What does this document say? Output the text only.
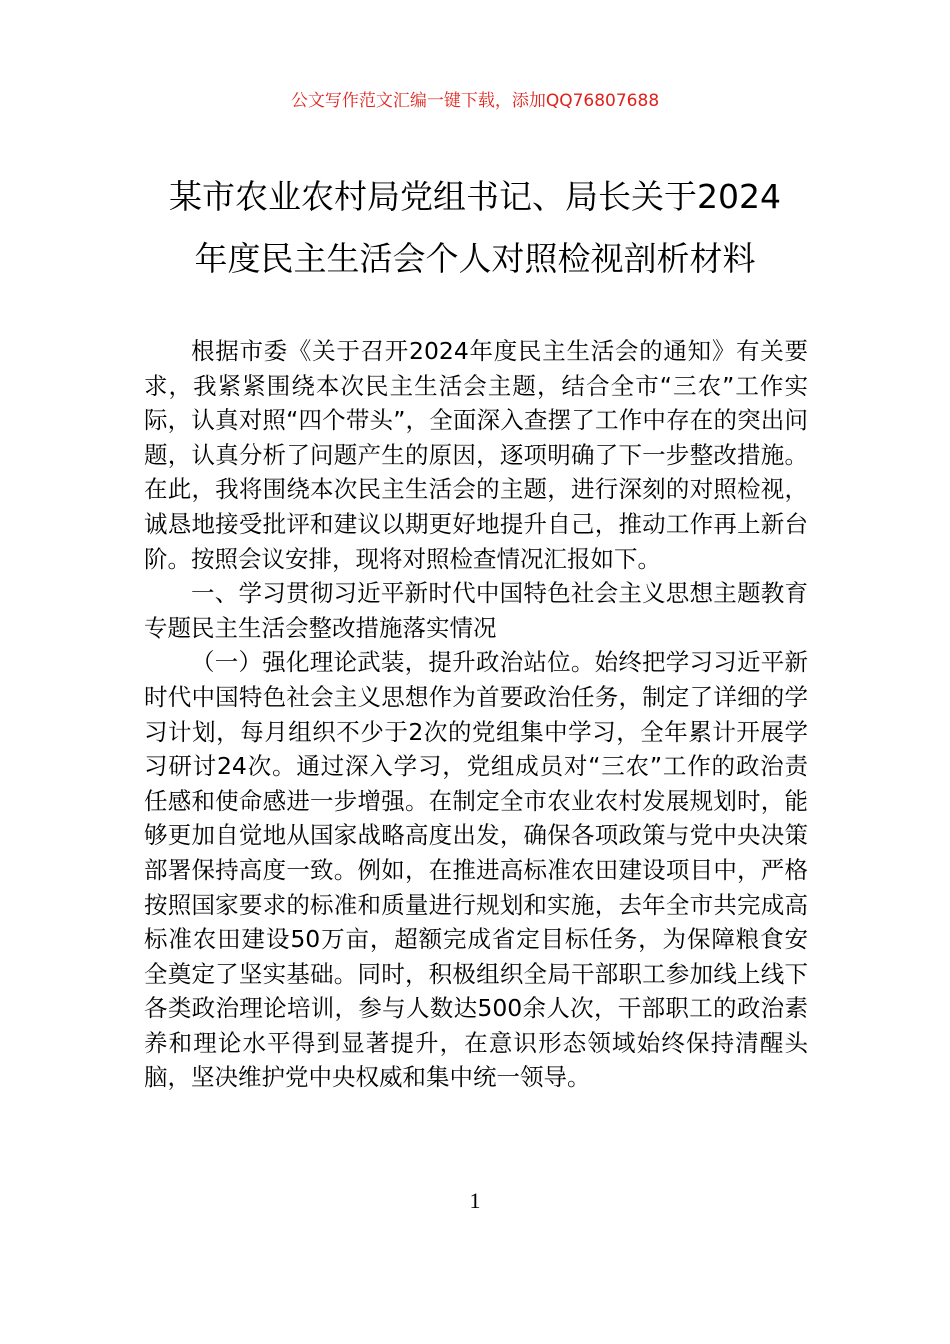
公文写作范文汇编一键下载，添加QQ76807688
某市农业农村局党组书记、局长关于2024
年度民主生活会个人对照检视剖析材料

根据市委《关于召开2024年度民主生活会的通知》有关要求，我紧紧围绕本次民主生活会主题，结合全市“三农”工作实际，认真对照“四个带头”，全面深入查摆了工作中存在的突出问题，认真分析了问题产生的原因，逐项明确了下一步整改措施。在此，我将围绕本次民主生活会的主题，进行深刻的对照检视，诚恳地接受批评和建议以期更好地提升自己，推动工作再上新台阶。按照会议安排，现将对照检查情况汇报如下。

一、学习贯彻习近平新时代中国特色社会主义思想主题教育专题民主生活会整改措施落实情况

（一）强化理论武装，提升政治站位。始终把学习习近平新时代中国特色社会主义思想作为首要政治任务，制定了详细的学习计划，每月组织不少于2次的党组集中学习，全年累计开展学习研讨24次。通过深入学习，党组成员对“三农”工作的政治责任感和使命感进一步增强。在制定全市农业农村发展规划时，能够更加自觉地从国家战略高度出发，确保各项政策与党中央决策部署保持高度一致。例如，在推进高标准农田建设项目中，严格按照国家要求的标准和质量进行规划和实施，去年全市共完成高标准农田建设50万亩，超额完成省定目标任务，为保障粮食安全奠定了坚实基础。同时，积极组织全局干部职工参加线上线下各类政治理论培训，参与人数达500余人次，干部职工的政治素养和理论水平得到显著提升，在意识形态领域始终保持清醒头脑，坚决维护党中央权威和集中统一领导。

1
